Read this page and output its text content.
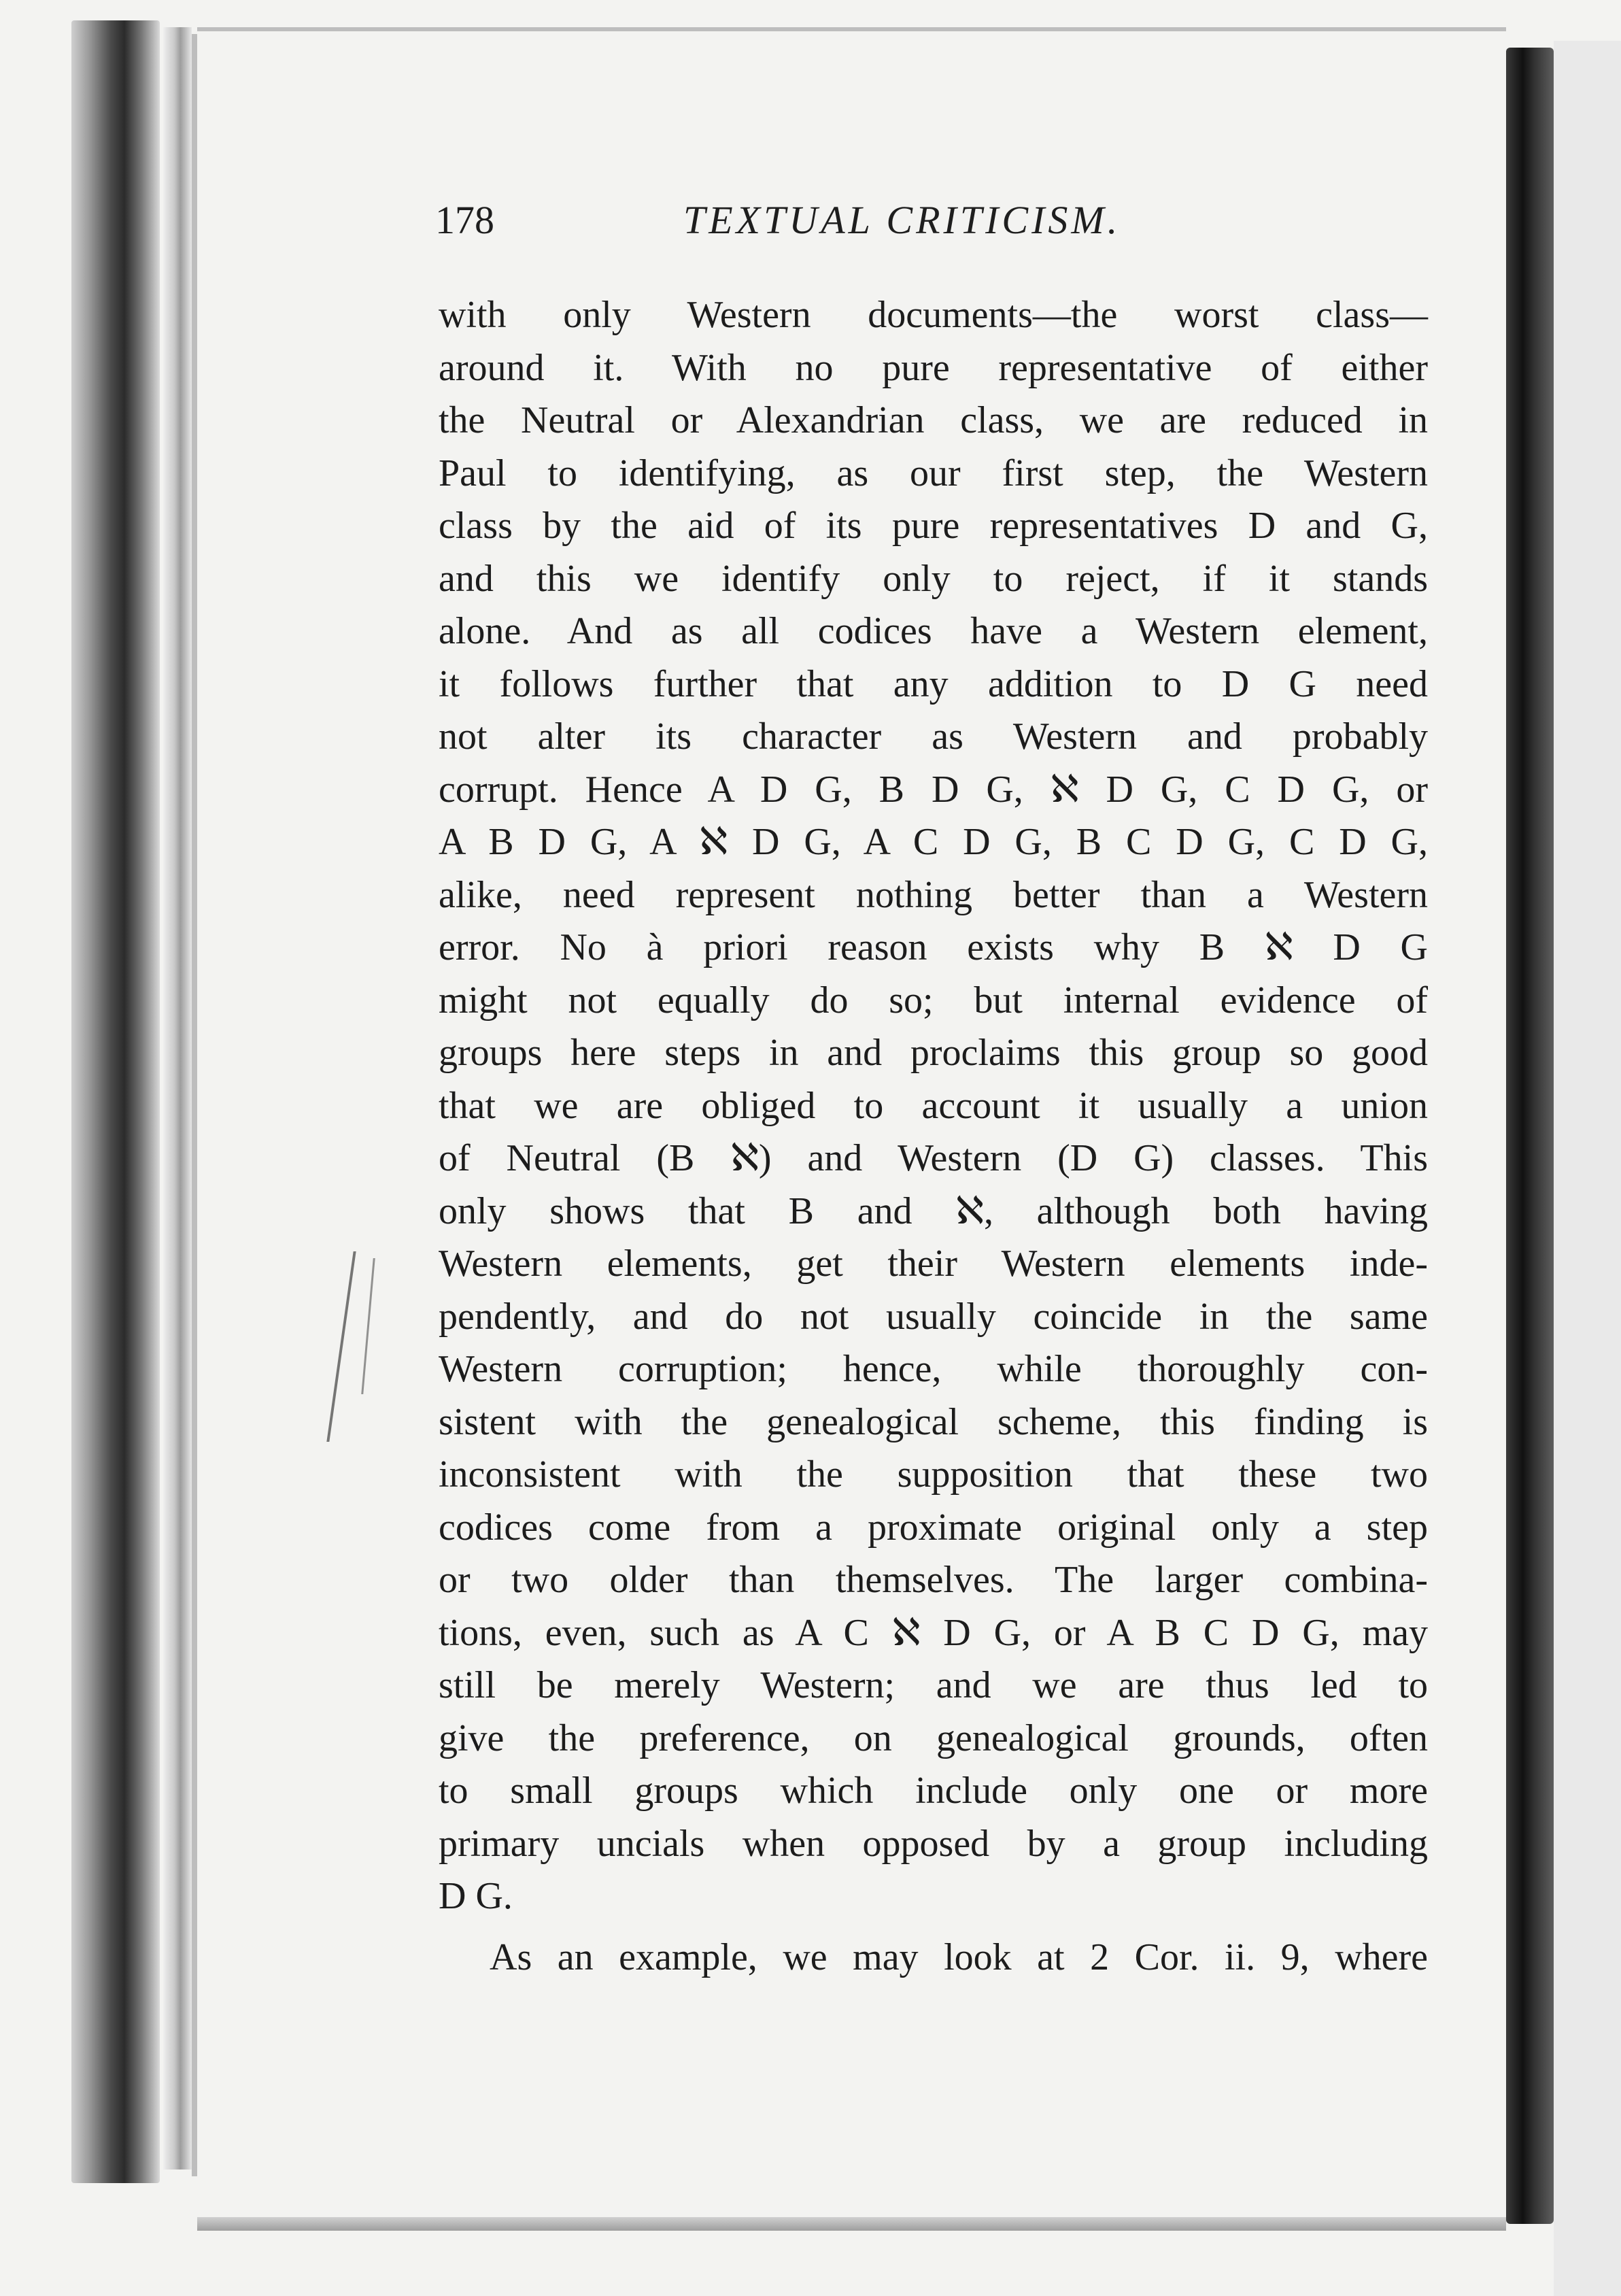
178	TEXTUAL CRITICISM.
with only Western documents—the worst class—
around it. With no pure representative of either
the Neutral or Alexandrian class, we are reduced in
Paul to identifying, as our first step, the Western
class by the aid of its pure representatives D and G,
and this we identify only to reject, if it stands
alone. And as all codices have a Western element,
it follows further that any addition to D G need
not alter its character as Western and probably
corrupt. Hence A D G, B D G, ℵ D G, C D G, or
A B D G, A ℵ D G, A C D G, B C D G, C D G,
alike, need represent nothing better than a Western
error. No à priori reason exists why B ℵ D G
might not equally do so; but internal evidence of
groups here steps in and proclaims this group so good
that we are obliged to account it usually a union
of Neutral (B ℵ) and Western (D G) classes. This
only shows that B and ℵ, although both having
Western elements, get their Western elements inde-
pendently, and do not usually coincide in the same
Western corruption; hence, while thoroughly con-
sistent with the genealogical scheme, this finding is
inconsistent with the supposition that these two
codices come from a proximate original only a step
or two older than themselves. The larger combina-
tions, even, such as A C ℵ D G, or A B C D G, may
still be merely Western; and we are thus led to
give the preference, on genealogical grounds, often
to small groups which include only one or more
primary uncials when opposed by a group including
D G.
As an example, we may look at 2 Cor. ii. 9, where
